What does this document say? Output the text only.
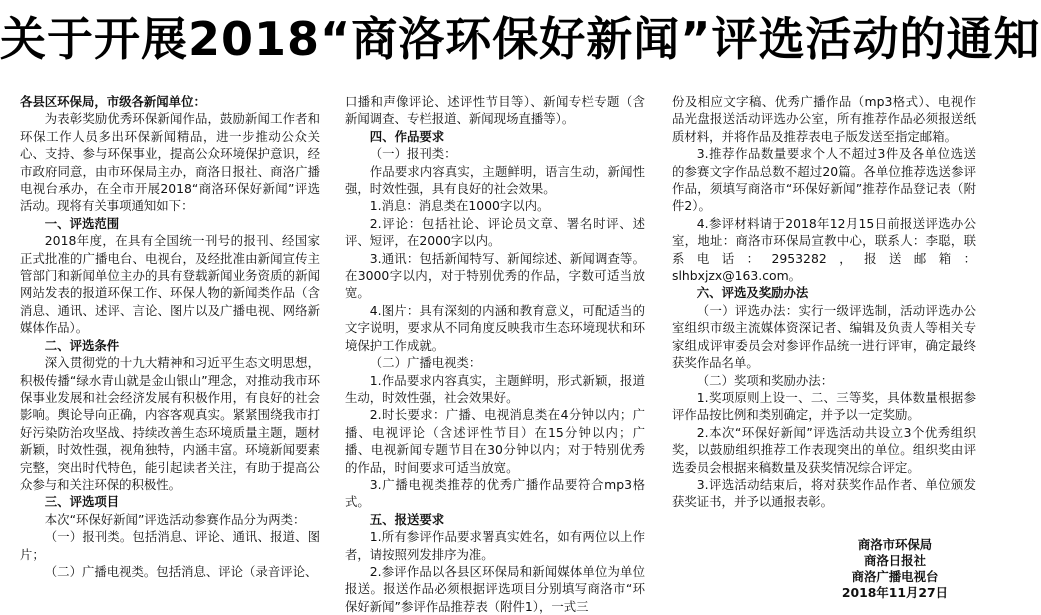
关于开展2018“商洛环保好新闻”评选活动的通知

各县区环保局，市级各新闻单位：

为表彰奖励优秀环保新闻作品，鼓励新闻工作者和环保工作人员多出环保新闻精品，进一步推动公众关心、支持、参与环保事业，提高公众环境保护意识，经市政府同意，由市环保局主办，商洛日报社、商洛广播电视台承办，在全市开展2018“商洛环保好新闻”评选活动。现将有关事项通知如下：

一、评选范围

2018年度，在具有全国统一刊号的报刊、经国家正式批准的广播电台、电视台，及经批准由新闻宣传主管部门和新闻单位主办的具有登载新闻业务资质的新闻网站发表的报道环保工作、环保人物的新闻类作品（含消息、通讯、述评、言论、图片以及广播电视、网络新媒体作品）。

二、评选条件

深入贯彻党的十九大精神和习近平生态文明思想，积极传播“绿水青山就是金山银山”理念，对推动我市环保事业发展和社会经济发展有积极作用，有良好的社会影响。舆论导向正确，内容客观真实。紧紧围绕我市打好污染防治攻坚战、持续改善生态环境质量主题，题材新颖，时效性强，视角独特，内涵丰富。环境新闻要素完整，突出时代特色，能引起读者关注，有助于提高公众参与和关注环保的积极性。

三、评选项目

本次“环保好新闻”评选活动参赛作品分为两类：

（一）报刊类。包括消息、评论、通讯、报道、图片；

（二）广播电视类。包括消息、评论（录音评论、

口播和声像评论、述评性节目等）、新闻专栏专题（含新闻调查、专栏报道、新闻现场直播等）。

四、作品要求

（一）报刊类：

作品要求内容真实，主题鲜明，语言生动，新闻性强，时效性强，具有良好的社会效果。

1.消息：消息类在1000字以内。

2.评论：包括社论、评论员文章、署名时评、述评、短评，在2000字以内。

3.通讯：包括新闻特写、新闻综述、新闻调查等。在3000字以内，对于特别优秀的作品，字数可适当放宽。

4.图片：具有深刻的内涵和教育意义，可配适当的文字说明，要求从不同角度反映我市生态环境现状和环境保护工作成就。

（二）广播电视类：

1.作品要求内容真实，主题鲜明，形式新颖，报道生动，时效性强，社会效果好。

2.时长要求：广播、电视消息类在4分钟以内；广播、电视评论（含述评性节目）在15分钟以内；广播、电视新闻专题节目在30分钟以内；对于特别优秀的作品，时间要求可适当放宽。

3.广播电视类推荐的优秀广播作品要符合mp3格式。

五、报送要求

1.所有参评作品要求署真实姓名，如有两位以上作者，请按照列发排序为准。

2.参评作品以各县区环保局和新闻媒体单位为单位报送。报送作品必须根据评选项目分别填写商洛市“环保好新闻”参评作品推荐表（附件1），一式三

份及相应文字稿、优秀广播作品（mp3格式）、电视作品光盘报送活动评选办公室，所有推荐作品必须报送纸质材料，并将作品及推荐表电子版发送至指定邮箱。

3.推荐作品数量要求个人不超过3件及各单位选送的参赛文字作品总数不超过20篇。各单位推荐选送参评作品，须填写商洛市“环保好新闻”推荐作品登记表（附件2）。

4.参评材料请于2018年12月15日前报送评选办公室，地址：商洛市环保局宣教中心，联系人：李聪，联系电话：2953282，报送邮箱：slhbxjzx@163.com。

六、评选及奖励办法

（一）评选办法：实行一级评选制，活动评选办公室组织市级主流媒体资深记者、编辑及负责人等相关专家组成评审委员会对参评作品统一进行评审，确定最终获奖作品名单。

（二）奖项和奖励办法：

1.奖项原则上设一、二、三等奖，具体数量根据参评作品按比例和类别确定，并予以一定奖励。

2.本次“环保好新闻”评选活动共设立3个优秀组织奖，以鼓励组织推荐工作表现突出的单位。组织奖由评选委员会根据来稿数量及获奖情况综合评定。

3.评选活动结束后，将对获奖作品作者、单位颁发获奖证书，并予以通报表彰。

商洛市环保局
商洛日报社
商洛广播电视台
2018年11月27日
